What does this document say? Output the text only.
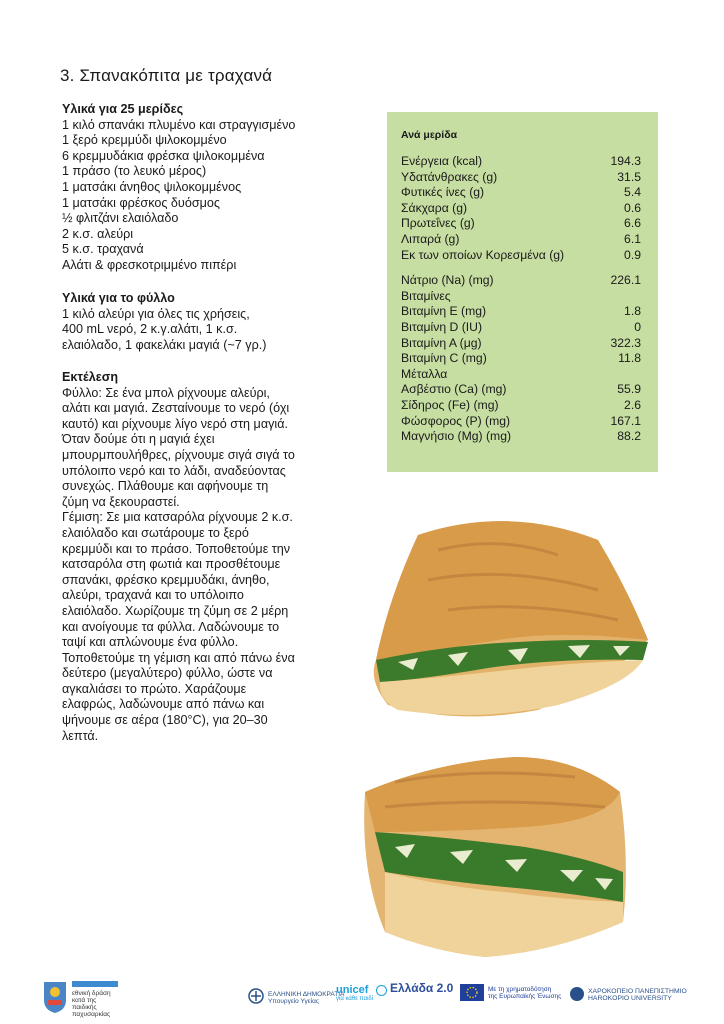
3. Σπανακόπιτα με τραχανά
Υλικά για 25 μερίδες
1 κιλό σπανάκι πλυμένο και στραγγισμένο
1 ξερό κρεμμύδι ψιλοκομμένο
6 κρεμμυδάκια φρέσκα ψιλοκομμένα
1 πράσο (το λευκό μέρος)
1 ματσάκι άνηθος ψιλοκομμένος
1 ματσάκι φρέσκος δυόσμος
½ φλιτζάνι ελαιόλαδο
2 κ.σ. αλεύρι
5 κ.σ. τραχανά
Αλάτι & φρεσκοτριμμένο πιπέρι
Υλικά για το φύλλο
1 κιλό αλεύρι για όλες τις χρήσεις,
400 mL νερό, 2 κ.γ.αλάτι, 1 κ.σ.
ελαιόλαδο, 1 φακελάκι μαγιά (~7 γρ.)
Εκτέλεση
Φύλλο: Σε ένα μπολ ρίχνουμε αλεύρι,
αλάτι και μαγιά. Ζεσταίνουμε το νερό (όχι
καυτό) και ρίχνουμε λίγο νερό στη μαγιά.
Όταν δούμε ότι η μαγιά έχει
μπουρμπουλήθρες, ρίχνουμε σιγά σιγά το
υπόλοιπο νερό και το λάδι, αναδεύοντας
συνεχώς. Πλάθουμε και αφήνουμε τη
ζύμη να ξεκουραστεί.
Γέμιση: Σε μια κατσαρόλα ρίχνουμε 2 κ.σ.
ελαιόλαδο και σωτάρουμε το ξερό
κρεμμύδι και το πράσο. Τοποθετούμε την
κατσαρόλα στη φωτιά και προσθέτουμε
σπανάκι, φρέσκο κρεμμυδάκι, άνηθο,
αλεύρι, τραχανά και το υπόλοιπο
ελαιόλαδο. Χωρίζουμε τη ζύμη σε 2 μέρη
και ανοίγουμε τα φύλλα. Λαδώνουμε το
ταψί και απλώνουμε ένα φύλλο.
Τοποθετούμε τη γέμιση και από πάνω ένα
δεύτερο (μεγαλύτερο) φύλλο, ώστε να
αγκαλιάσει το πρώτο. Χαράζουμε
ελαφρώς, λαδώνουμε από πάνω και
ψήνουμε σε αέρα (180°C), για 20–30
λεπτά.
Ανά μερίδα
Ενέργεια (kcal)	194.3
Υδατάνθρακες (g)	31.5
Φυτικές ίνες (g)	5.4
Σάκχαρα (g)	0.6
Πρωτεΐνες (g)	6.6
Λιπαρά (g)	6.1
Εκ των οποίων Κορεσμένα (g)	0.9
Νάτριο (Na) (mg)	226.1
Βιταμίνες
Βιταμίνη Ε (mg)	1.8
Βιταμίνη D (IU)	0
Βιταμίνη Α (μg)	322.3
Βιταμίνη C (mg)	11.8
Μέταλλα
Ασβέστιο (Ca) (mg)	55.9
Σίδηρος (Fe) (mg)	2.6
Φώσφορος (P) (mg)	167.1
Μαγνήσιο (Mg) (mg)	88.2
εθνική δράση
κατά της
παιδικής
παχυσαρκίας
ΕΛΛΗΝΙΚΗ ΔΗΜΟΚΡΑΤΙΑ
Υπουργείο Υγείας
unicef
για κάθε παιδί
Ελλάδα 2.0	Με τη χρηματοδότηση
της Ευρωπαϊκής Ένωσης
ΧΑΡΟΚΟΠΕΙΟ ΠΑΝΕΠΙΣΤΗΜΙΟ
HAROKOPIO UNIVERSITY
